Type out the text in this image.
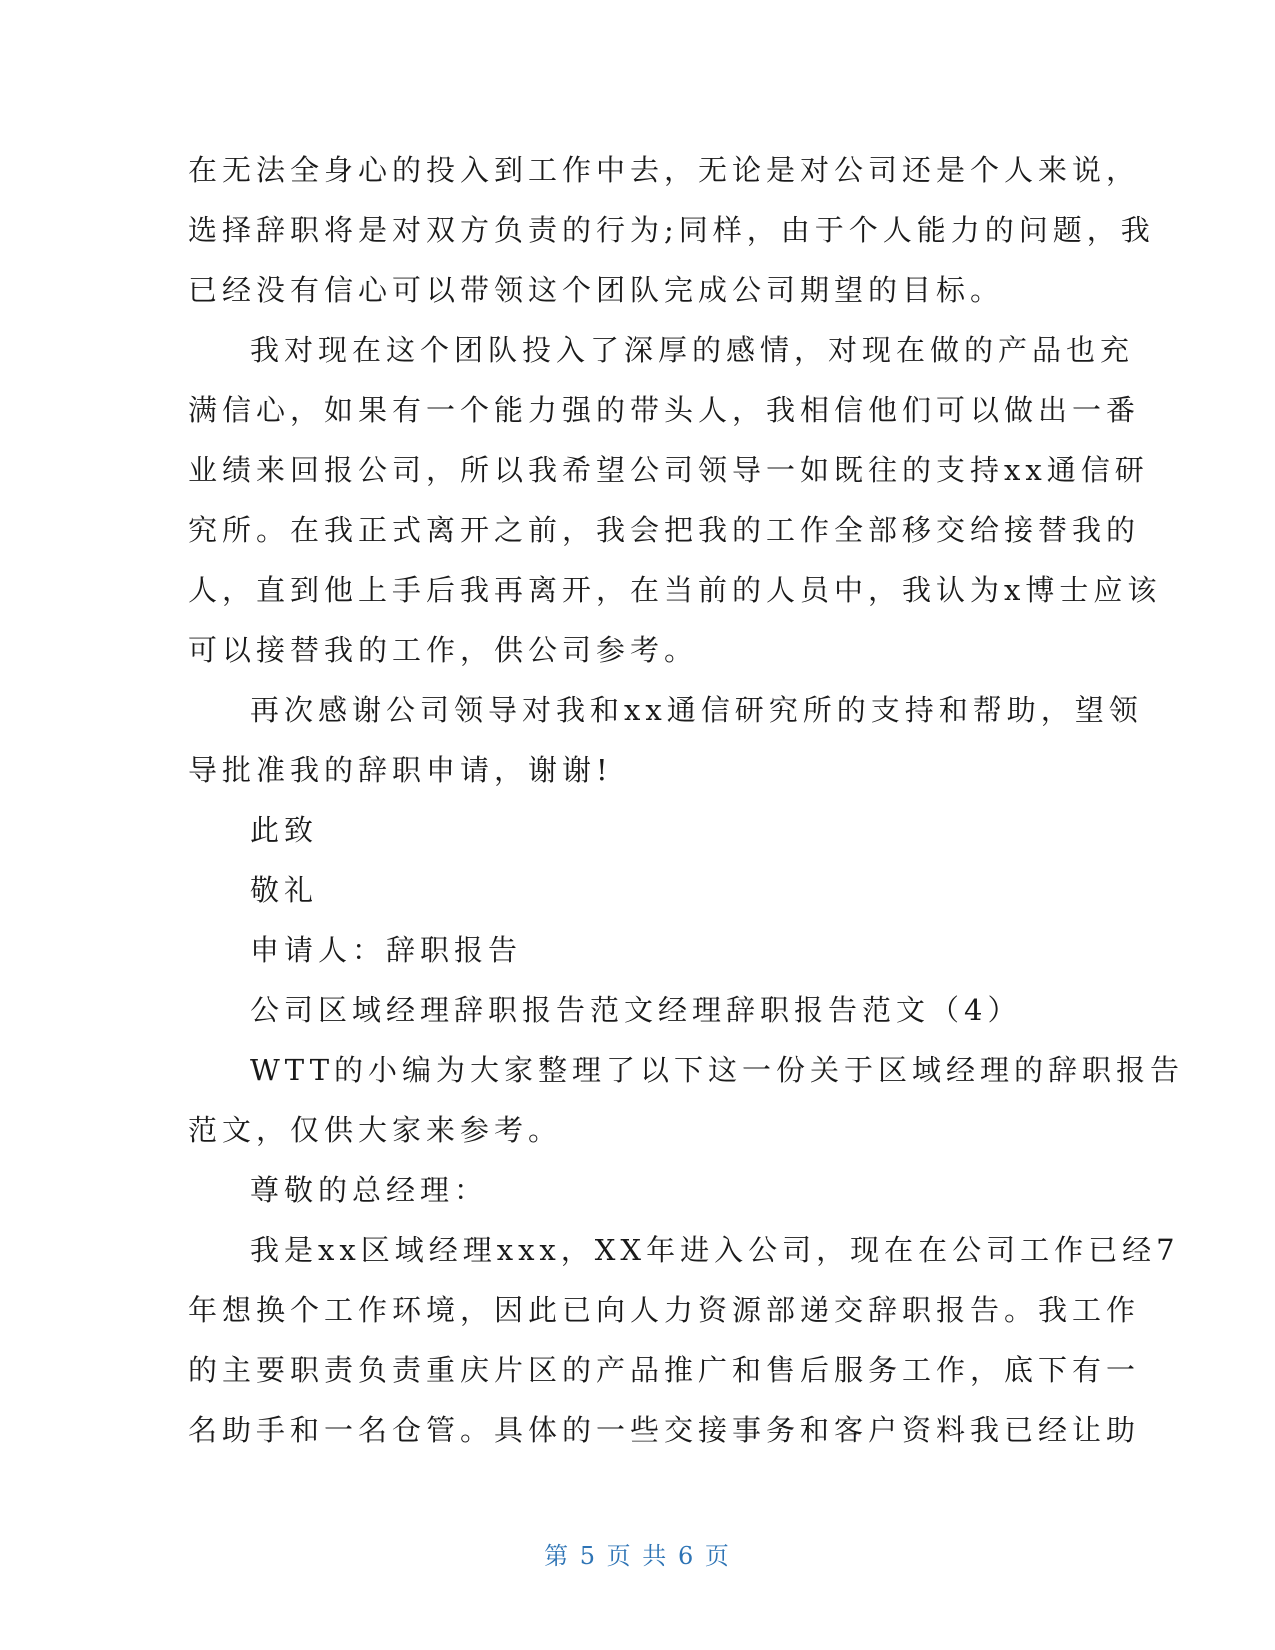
在无法全身心的投入到工作中去，无论是对公司还是个人来说，
选择辞职将是对双方负责的行为;同样，由于个人能力的问题，我
已经没有信心可以带领这个团队完成公司期望的目标。
我对现在这个团队投入了深厚的感情，对现在做的产品也充
满信心，如果有一个能力强的带头人，我相信他们可以做出一番
业绩来回报公司，所以我希望公司领导一如既往的支持xx通信研
究所。在我正式离开之前，我会把我的工作全部移交给接替我的
人，直到他上手后我再离开，在当前的人员中，我认为x博士应该
可以接替我的工作，供公司参考。
再次感谢公司领导对我和xx通信研究所的支持和帮助，望领
导批准我的辞职申请，谢谢!
此致
敬礼
申请人：辞职报告
公司区域经理辞职报告范文经理辞职报告范文（4）
WTT的小编为大家整理了以下这一份关于区域经理的辞职报告
范文，仅供大家来参考。
尊敬的总经理：
我是xx区域经理xxx，XX年进入公司，现在在公司工作已经7
年想换个工作环境，因此已向人力资源部递交辞职报告。我工作
的主要职责负责重庆片区的产品推广和售后服务工作，底下有一
名助手和一名仓管。具体的一些交接事务和客户资料我已经让助
第 5 页 共 6 页
